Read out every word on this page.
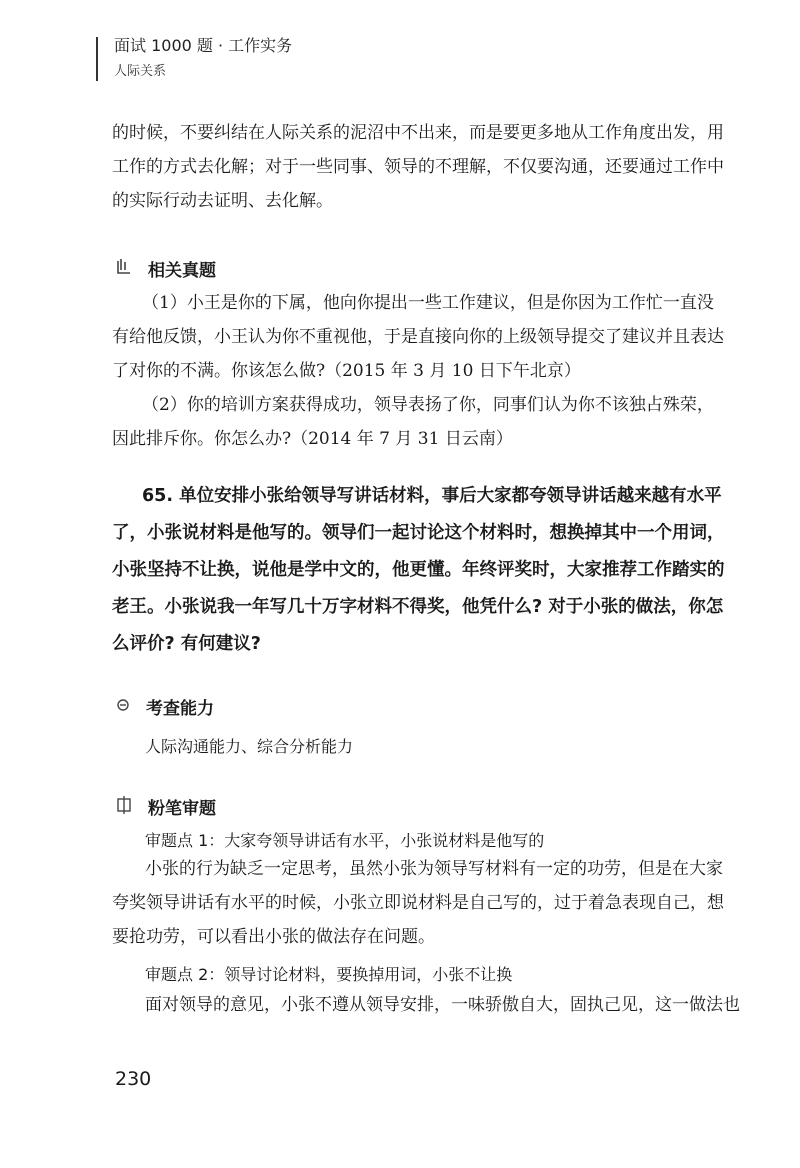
面试 1000 题 · 工作实务
人际关系

的时候，不要纠结在人际关系的泥沼中不出来，而是要更多地从工作角度出发，用工作的方式去化解；对于一些同事、领导的不理解，不仅要沟通，还要通过工作中的实际行动去证明、去化解。

相关真题

（1）小王是你的下属，他向你提出一些工作建议，但是你因为工作忙一直没有给他反馈，小王认为你不重视他，于是直接向你的上级领导提交了建议并且表达了对你的不满。你该怎么做?（2015 年 3 月 10 日下午北京）

（2）你的培训方案获得成功，领导表扬了你，同事们认为你不该独占殊荣，因此排斥你。你怎么办?（2014 年 7 月 31 日云南）

65. 单位安排小张给领导写讲话材料，事后大家都夸领导讲话越来越有水平了，小张说材料是他写的。领导们一起讨论这个材料时，想换掉其中一个用词，小张坚持不让换，说他是学中文的，他更懂。年终评奖时，大家推荐工作踏实的老王。小张说我一年写几十万字材料不得奖，他凭什么? 对于小张的做法，你怎么评价? 有何建议?

考查能力
人际沟通能力、综合分析能力
粉笔审题
审题点 1：大家夸领导讲话有水平，小张说材料是他写的

小张的行为缺乏一定思考，虽然小张为领导写材料有一定的功劳，但是在大家夸奖领导讲话有水平的时候，小张立即说材料是自己写的，过于着急表现自己，想要抢功劳，可以看出小张的做法存在问题。

审题点 2：领导讨论材料，要换掉用词，小张不让换

面对领导的意见，小张不遵从领导安排，一味骄傲自大，固执己见，这一做法也

230
